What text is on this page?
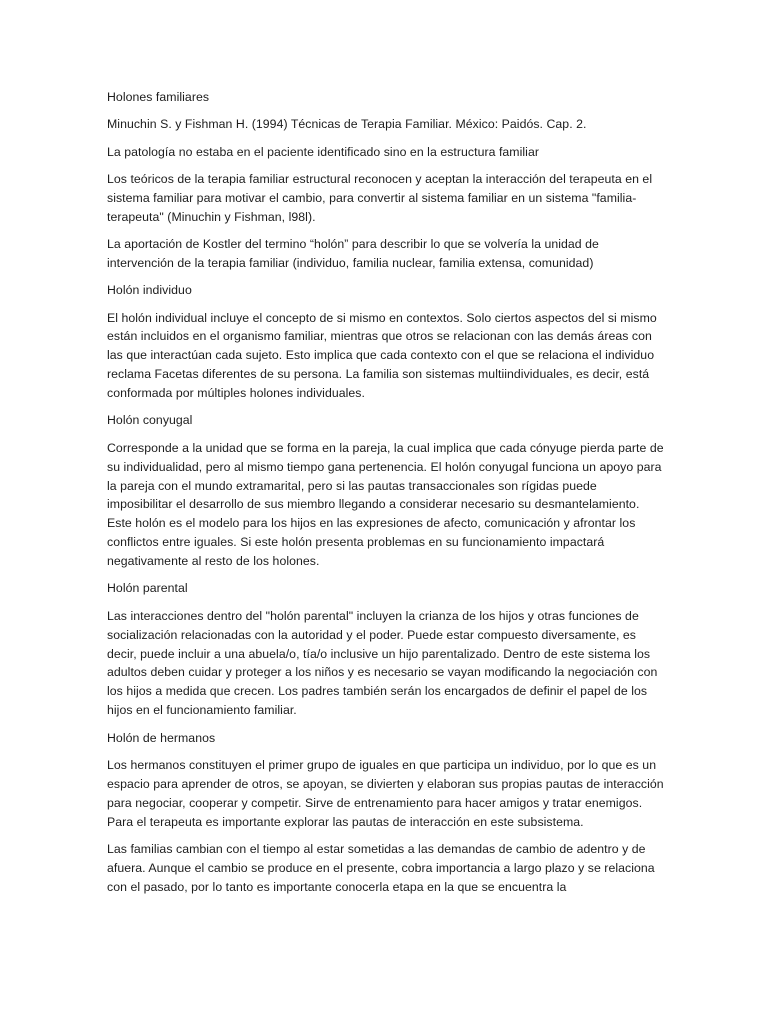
Holones familiares

Minuchin S. y Fishman H. (1994) Técnicas de Terapia Familiar. México: Paidós. Cap. 2.

La patología no estaba en el paciente identificado sino en la estructura familiar

Los teóricos de la terapia familiar estructural reconocen y aceptan la interacción del terapeuta en el sistema familiar para motivar el cambio, para convertir al sistema familiar en un sistema "familia-terapeuta" (Minuchin y Fishman, l98l).

La aportación de Kostler del termino “holón” para describir lo que se volvería la unidad de intervención de la terapia familiar (individuo, familia nuclear, familia extensa, comunidad)

Holón individuo

El holón individual incluye el concepto de si mismo en contextos. Solo ciertos aspectos del si mismo están incluidos en el organismo familiar, mientras que otros se relacionan con las demás áreas con las que interactúan cada sujeto. Esto implica que cada contexto con el que se relaciona el individuo reclama Facetas diferentes de su persona. La familia son sistemas multiindividuales, es decir, está conformada por múltiples holones individuales.

Holón conyugal

Corresponde a la unidad que se forma en la pareja, la cual implica que cada cónyuge pierda parte de su individualidad, pero al mismo tiempo gana pertenencia. El holón conyugal funciona un apoyo para la pareja con el mundo extramarital, pero si las pautas transaccionales son rígidas puede imposibilitar el desarrollo de sus miembro llegando a considerar necesario su desmantelamiento. Este holón es el modelo para los hijos en las expresiones de afecto, comunicación y afrontar los conflictos entre iguales. Si este holón presenta problemas en su funcionamiento impactará negativamente al resto de los holones.

Holón parental

Las interacciones dentro del "holón parental" incluyen la crianza de los hijos y otras funciones de socialización relacionadas con la autoridad y el poder. Puede estar compuesto diversamente, es decir, puede incluir a una abuela/o, tía/o inclusive un hijo parentalizado. Dentro de este sistema los adultos deben cuidar y proteger a los niños y es necesario se vayan modificando la negociación con los hijos a medida que crecen. Los padres también serán los encargados de definir el papel de los hijos en el funcionamiento familiar.

Holón de hermanos

Los hermanos constituyen el primer grupo de iguales en que participa un individuo, por lo que es un espacio para aprender de otros, se apoyan, se divierten y elaboran sus propias pautas de interacción para negociar, cooperar y competir. Sirve de entrenamiento para hacer amigos y tratar enemigos. Para el terapeuta es importante explorar las pautas de interacción en este subsistema.

Las familias cambian con el tiempo al estar sometidas a las demandas de cambio de adentro y de afuera. Aunque el cambio se produce en el presente, cobra importancia a largo plazo y se relaciona con el pasado, por lo tanto es importante conocerla etapa en la que se encuentra la
